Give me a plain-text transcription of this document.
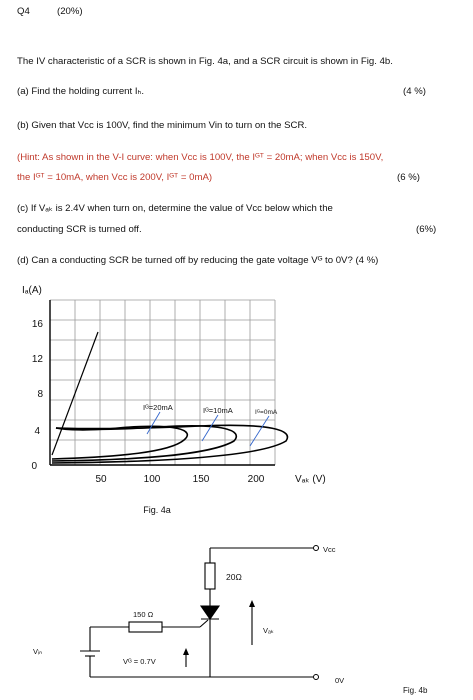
Q4	(20%)
The IV characteristic of a SCR is shown in Fig. 4a, and a SCR circuit is shown in Fig. 4b.
(a) Find the holding current Iₕ.	(4 %)
(b) Given that Vcc is 100V, find the minimum Vin to turn on the SCR.
(Hint: As shown in the V-I curve: when Vcc is 100V, the Iᴳᵀ = 20mA; when Vcc is 150V,
the Iᴳᵀ = 10mA, when Vcc is 200V, Iᴳᵀ = 0mA)	(6 %)
(c) If Vₐₖ is 2.4V when turn on, determine the value of Vcc below which the
conducting SCR is turned off.	(6%)
(d) Can a conducting SCR be turned off by reducing the gate voltage Vᴳ to 0V? (4 %)
Iₐ(A)
0
4
8
12
16
50	100	150	200	Vₐₖ (V)
Iᴳ=20mA	Iᴳ=10mA	Iᴳ=0mA
Fig. 4a
Vᴄᴄ
20Ω
150 Ω
Vₐₖ
Vᴳ = 0.7V
Vᵢₙ
0V
Fig. 4b
